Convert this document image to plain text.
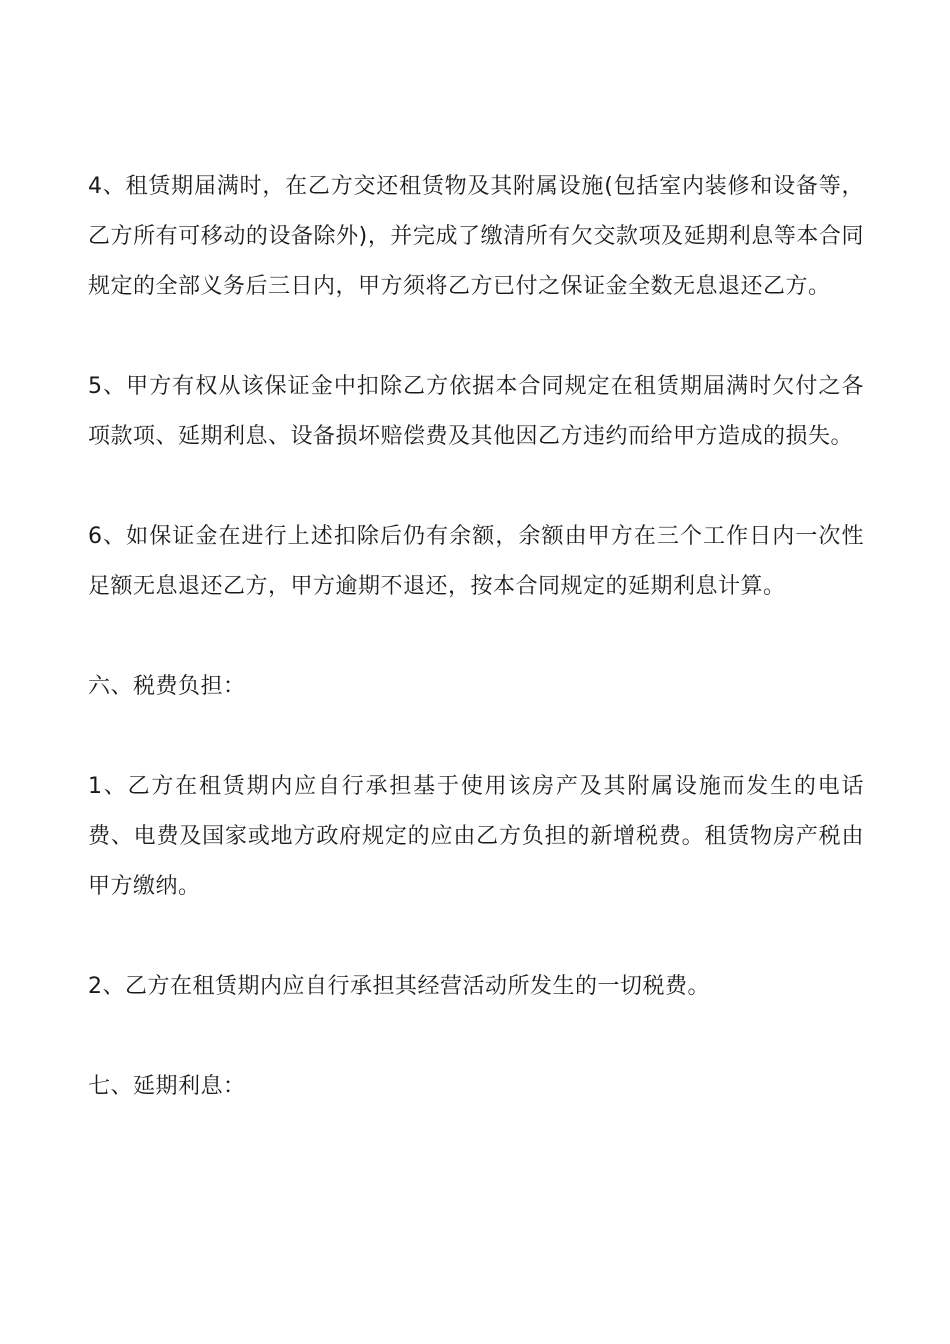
4、租赁期届满时，在乙方交还租赁物及其附属设施(包括室内装修和设备等，乙方所有可移动的设备除外)，并完成了缴清所有欠交款项及延期利息等本合同规定的全部义务后三日内，甲方须将乙方已付之保证金全数无息退还乙方。

5、甲方有权从该保证金中扣除乙方依据本合同规定在租赁期届满时欠付之各项款项、延期利息、设备损坏赔偿费及其他因乙方违约而给甲方造成的损失。

6、如保证金在进行上述扣除后仍有余额，余额由甲方在三个工作日内一次性足额无息退还乙方，甲方逾期不退还，按本合同规定的延期利息计算。

六、税费负担：

1、乙方在租赁期内应自行承担基于使用该房产及其附属设施而发生的电话费、电费及国家或地方政府规定的应由乙方负担的新增税费。租赁物房产税由甲方缴纳。

2、乙方在租赁期内应自行承担其经营活动所发生的一切税费。

七、延期利息：
